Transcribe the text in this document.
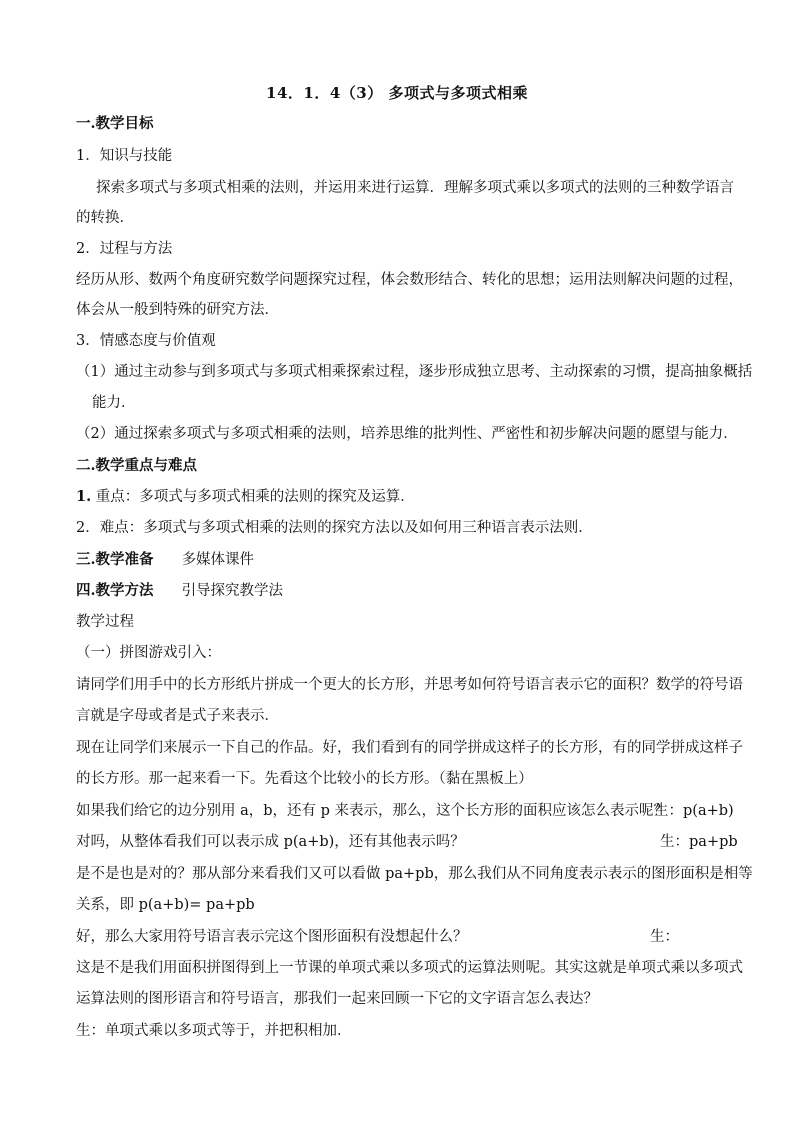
14．1．4（3） 多项式与多项式相乘
一.教学目标
1．知识与技能
探索多项式与多项式相乘的法则，并运用来进行运算．理解多项式乘以多项式的法则的三种数学语言
的转换．
2．过程与方法
经历从形、数两个角度研究数学问题探究过程，体会数形结合、转化的思想；运用法则解决问题的过程，
体会从一般到特殊的研究方法．
3．情感态度与价值观
（1）通过主动参与到多项式与多项式相乘探索过程，逐步形成独立思考、主动探索的习惯，提高抽象概括
能力．
（2）通过探索多项式与多项式相乘的法则，培养思维的批判性、严密性和初步解决问题的愿望与能力．
二.教学重点与难点
1. 重点：多项式与多项式相乘的法则的探究及运算．
2．难点：多项式与多项式相乘的法则的探究方法以及如何用三种语言表示法则．
三.教学准备 多媒体课件
四.教学方法 引导探究教学法
教学过程
（一）拼图游戏引入：
请同学们用手中的长方形纸片拼成一个更大的长方形，并思考如何符号语言表示它的面积？数学的符号语
言就是字母或者是式子来表示．
现在让同学们来展示一下自己的作品。好，我们看到有的同学拼成这样子的长方形，有的同学拼成这样子
的长方形。那一起来看一下。先看这个比较小的长方形。（黏在黑板上）
如果我们给它的边分别用 a，b，还有 p 来表示，那么，这个长方形的面积应该怎么表示呢？
生：p(a+b)
对吗，从整体看我们可以表示成 p(a+b)，还有其他表示吗？	生：pa+pb
是不是也是对的？那从部分来看我们又可以看做 pa+pb，那么我们从不同角度表示表示的图形面积是相等
关系，即 p(a+b)= pa+pb
好，那么大家用符号语言表示完这个图形面积有没想起什么？	生：
这是不是我们用面积拼图得到上一节课的单项式乘以多项式的运算法则呢。其实这就是单项式乘以多项式
运算法则的图形语言和符号语言，那我们一起来回顾一下它的文字语言怎么表达？
生：单项式乘以多项式等于，并把积相加．
